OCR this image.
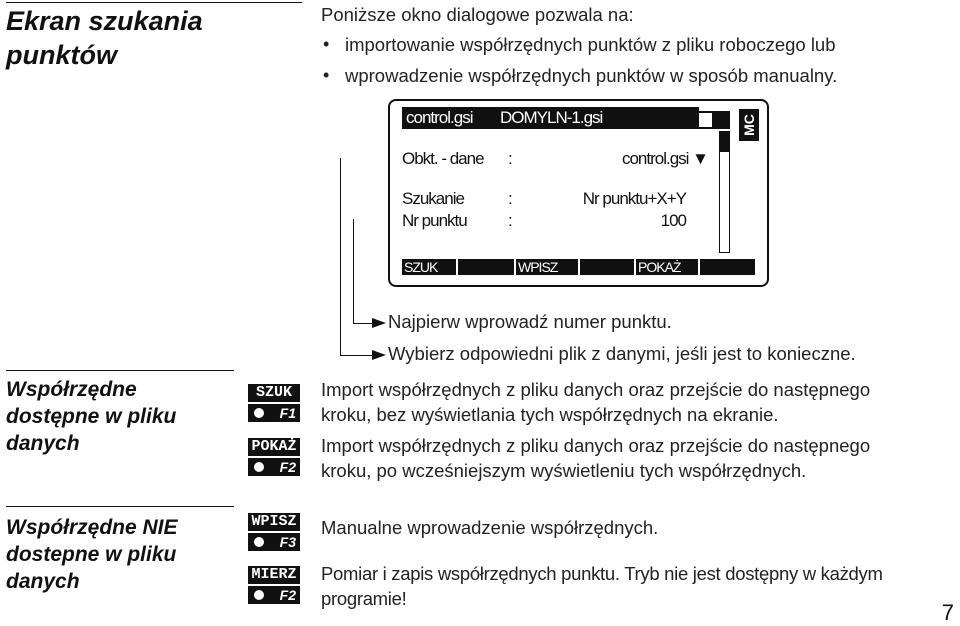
Ekran szukania
punktów
Poniższe okno dialogowe pozwala na:
• importowanie współrzędnych punktów z pliku roboczego lub
• wprowadzenie współrzędnych punktów w sposób manualny.
control.gsi DOMYLN-1.gsi	MC
Obkt. - dane :	control.gsi ▼
Szukanie	:	Nr punktu+X+Y
Nr punktu :	100
SZUK	WPISZ	POKAŻ
Najpierw wprowadź numer punktu.
Wybierz odpowiedni plik z danymi, jeśli jest to konieczne.
Współrzędne
dostępne w pliku
danych
SZUK
F1
Import współrzędnych z pliku danych oraz przejście do następnego
kroku, bez wyświetlania tych współrzędnych na ekranie.
POKAŻ
F2
Import współrzędnych z pliku danych oraz przejście do następnego
kroku, po wcześniejszym wyświetleniu tych współrzędnych.
Współrzędne NIE
dostepne w pliku
danych
WPISZ
F3
Manualne wprowadzenie współrzędnych.
MIERZ
F2
Pomiar i zapis współrzędnych punktu. Tryb nie jest dostępny w każdym
programie!
7
